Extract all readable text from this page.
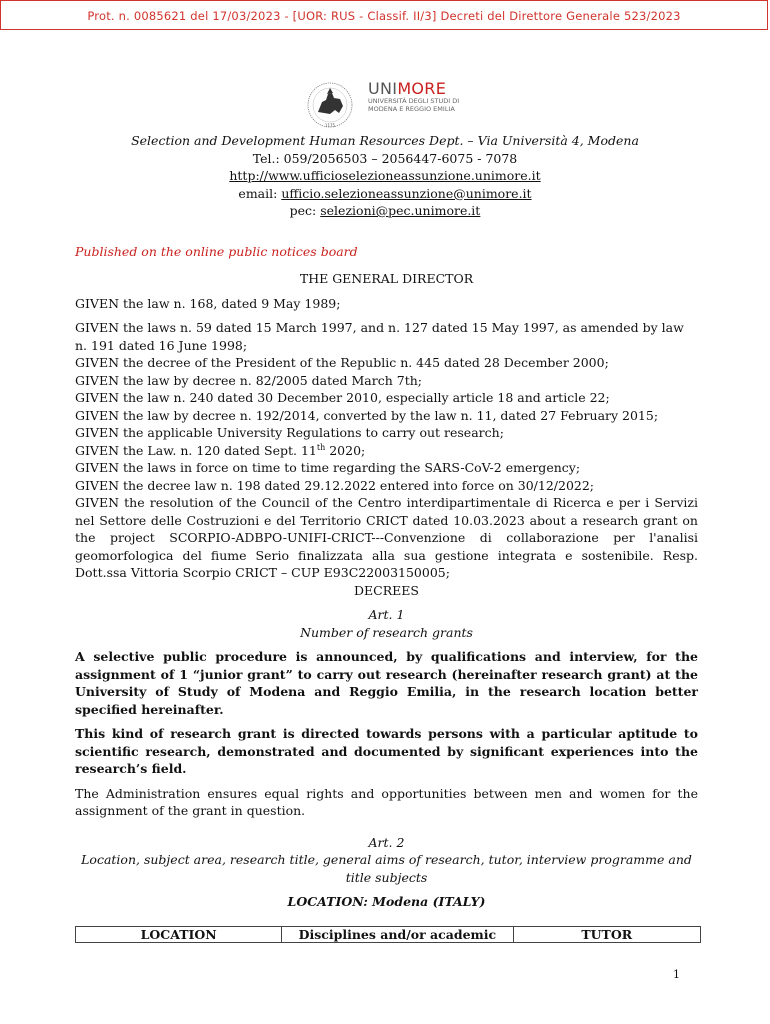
Prot. n. 0085621 del 17/03/2023 - [UOR: RUS - Classif. II/3] Decreti del Direttore Generale 523/2023
1175
UNIMORE
UNIVERSITÀ DEGLI STUDI DI MODENA E REGGIO EMILIA
Selection and Development Human Resources Dept. – Via Università 4, Modena
Tel.: 059/2056503 – 2056447-6075 - 7078
http://www.ufficioselezioneassunzione.unimore.it
email: ufficio.selezioneassunzione@unimore.it
pec: selezioni@pec.unimore.it
Published on the online public notices board

THE GENERAL DIRECTOR

GIVEN the law n. 168, dated 9 May 1989;

GIVEN the laws n. 59 dated 15 March 1997, and n. 127 dated 15 May 1997, as amended by law n. 191 dated 16 June 1998;

GIVEN the decree of the President of the Republic n. 445 dated 28 December 2000;

GIVEN the law by decree n. 82/2005 dated March 7th;

GIVEN the law n. 240 dated 30 December 2010, especially article 18 and article 22;

GIVEN the law by decree n. 192/2014, converted by the law n. 11, dated 27 February 2015;

GIVEN the applicable University Regulations to carry out research;

GIVEN the Law. n. 120 dated Sept. 11th 2020;

GIVEN the laws in force on time to time regarding the SARS-CoV-2 emergency;

GIVEN the decree law n. 198 dated 29.12.2022 entered into force on 30/12/2022;

GIVEN the resolution of the Council of the Centro interdipartimentale di Ricerca e per i Servizi nel Settore delle Costruzioni e del Territorio CRICT dated 10.03.2023 about a research grant on the project SCORPIO-ADBPO-UNIFI-CRICT---Convenzione di collaborazione per l'analisi geomorfologica del fiume Serio finalizzata alla sua gestione integrata e sostenibile. Resp. Dott.ssa Vittoria Scorpio CRICT – CUP E93C22003150005;

DECREES

Art. 1

Number of research grants

A selective public procedure is announced, by qualifications and interview, for the assignment of 1 “junior grant” to carry out research (hereinafter research grant) at the University of Study of Modena and Reggio Emilia, in the research location better specified hereinafter.

This kind of research grant is directed towards persons with a particular aptitude to scientific research, demonstrated and documented by significant experiences into the research’s field.

The Administration ensures equal rights and opportunities between men and women for the assignment of the grant in question.

Art. 2

Location, subject area, research title, general aims of research, tutor, interview programme and title subjects

LOCATION: Modena (ITALY)

LOCATION	Disciplines and/or academic	TUTOR
1
